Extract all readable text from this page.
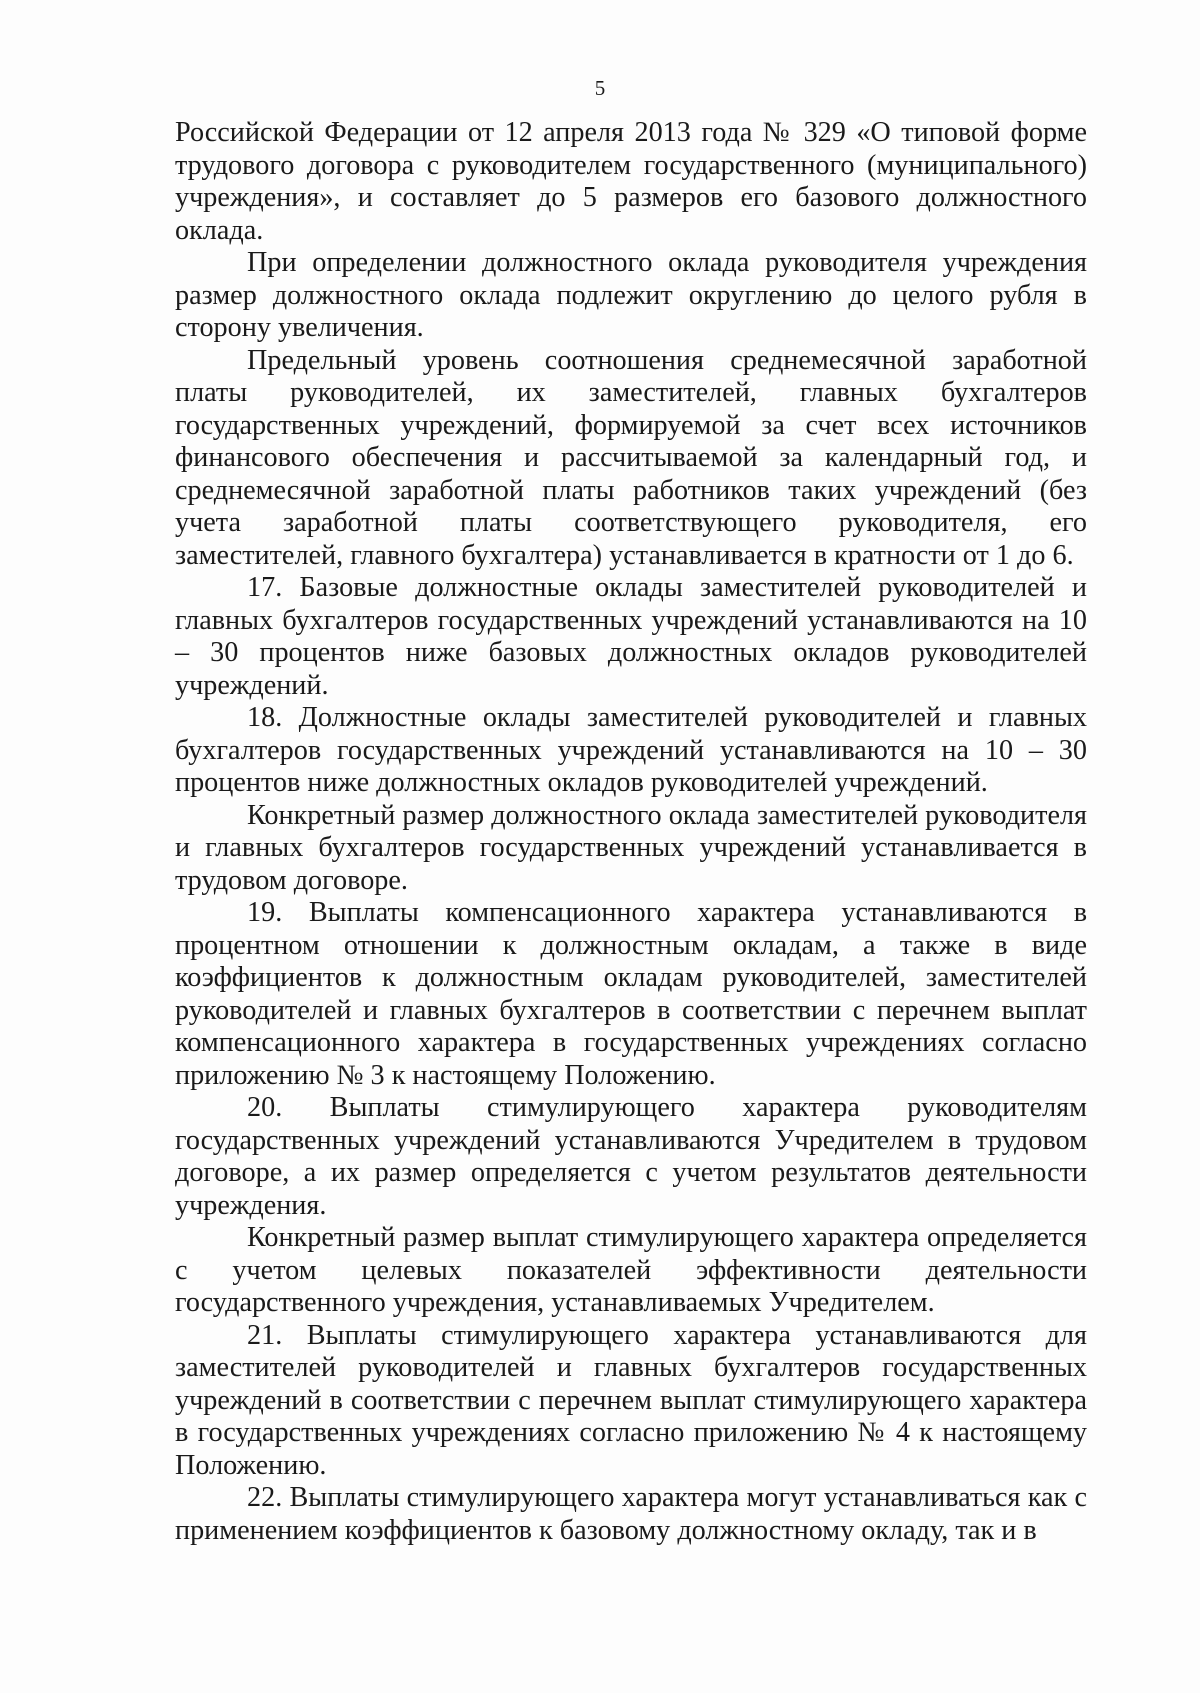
5

Российской Федерации от 12 апреля 2013 года № 329 «О типовой форме трудового договора с руководителем государственного (муниципального) учреждения», и составляет до 5 размеров его базового должностного оклада.

При определении должностного оклада руководителя учреждения размер должностного оклада подлежит округлению до целого рубля в сторону увеличения.

Предельный уровень соотношения среднемесячной заработной платы руководителей, их заместителей, главных бухгалтеров государственных учреждений, формируемой за счет всех источников финансового обеспечения и рассчитываемой за календарный год, и среднемесячной заработной платы работников таких учреждений (без учета заработной платы соответствующего руководителя, его заместителей, главного бухгалтера) устанавливается в кратности от 1 до 6.

17. Базовые должностные оклады заместителей руководителей и главных бухгалтеров государственных учреждений устанавливаются на 10 – 30 процентов ниже базовых должностных окладов руководителей учреждений.

18. Должностные оклады заместителей руководителей и главных бухгалтеров государственных учреждений устанавливаются на 10 – 30 процентов ниже должностных окладов руководителей учреждений.

Конкретный размер должностного оклада заместителей руководителя и главных бухгалтеров государственных учреждений устанавливается в трудовом договоре.

19. Выплаты компенсационного характера устанавливаются в процентном отношении к должностным окладам, а также в виде коэффициентов к должностным окладам руководителей, заместителей руководителей и главных бухгалтеров в соответствии с перечнем выплат компенсационного характера в государственных учреждениях согласно приложению № 3 к настоящему Положению.

20. Выплаты стимулирующего характера руководителям государственных учреждений устанавливаются Учредителем в трудовом договоре, а их размер определяется с учетом результатов деятельности учреждения.

Конкретный размер выплат стимулирующего характера определяется с учетом целевых показателей эффективности деятельности государственного учреждения, устанавливаемых Учредителем.

21. Выплаты стимулирующего характера устанавливаются для заместителей руководителей и главных бухгалтеров государственных учреждений в соответствии с перечнем выплат стимулирующего характера в государственных учреждениях согласно приложению № 4 к настоящему Положению.

22. Выплаты стимулирующего характера могут устанавливаться как с применением коэффициентов к базовому должностному окладу, так и в
